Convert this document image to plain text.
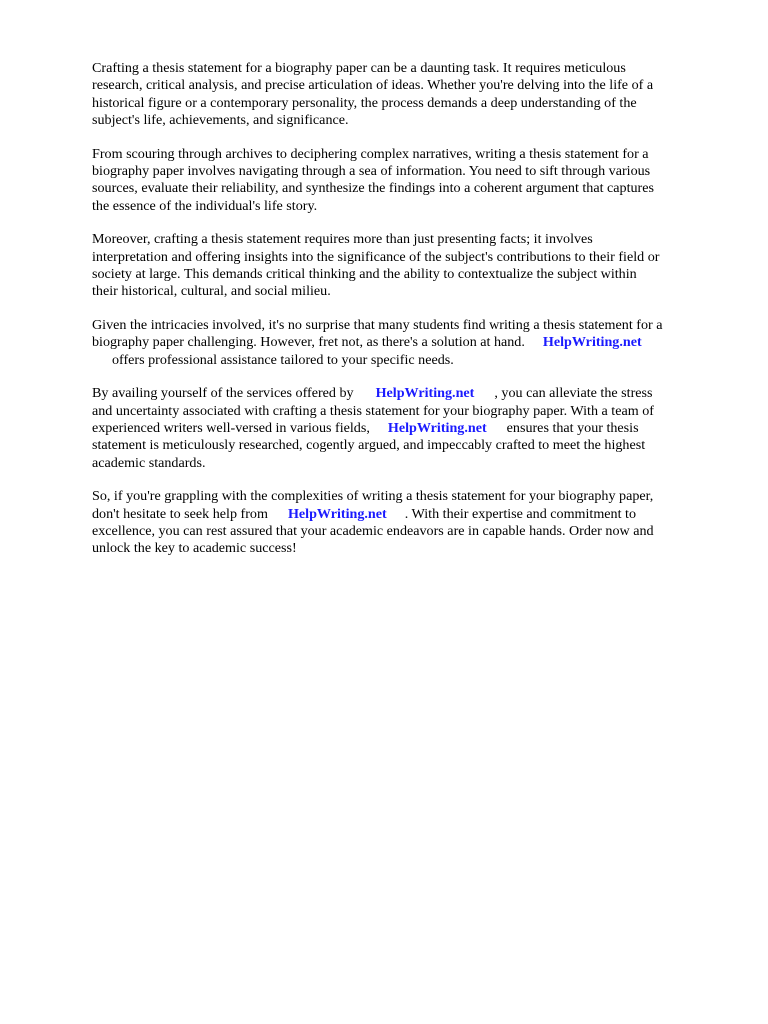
Crafting a thesis statement for a biography paper can be a daunting task. It requires meticulous
research, critical analysis, and precise articulation of ideas. Whether you're delving into the life of a
historical figure or a contemporary personality, the process demands a deep understanding of the
subject's life, achievements, and significance.

From scouring through archives to deciphering complex narratives, writing a thesis statement for a
biography paper involves navigating through a sea of information. You need to sift through various
sources, evaluate their reliability, and synthesize the findings into a coherent argument that captures
the essence of the individual's life story.

Moreover, crafting a thesis statement requires more than just presenting facts; it involves
interpretation and offering insights into the significance of the subject's contributions to their field or
society at large. This demands critical thinking and the ability to contextualize the subject within
their historical, cultural, and social milieu.

Given the intricacies involved, it's no surprise that many students find writing a thesis statement for a
biography paper challenging. However, fret not, as there's a solution at hand. HelpWriting.net
offers professional assistance tailored to your specific needs.

By availing yourself of the services offered by HelpWriting.net , you can alleviate the stress
and uncertainty associated with crafting a thesis statement for your biography paper. With a team of
experienced writers well-versed in various fields, HelpWriting.net ensures that your thesis
statement is meticulously researched, cogently argued, and impeccably crafted to meet the highest
academic standards.

So, if you're grappling with the complexities of writing a thesis statement for your biography paper,
don't hesitate to seek help from HelpWriting.net . With their expertise and commitment to
excellence, you can rest assured that your academic endeavors are in capable hands. Order now and
unlock the key to academic success!
